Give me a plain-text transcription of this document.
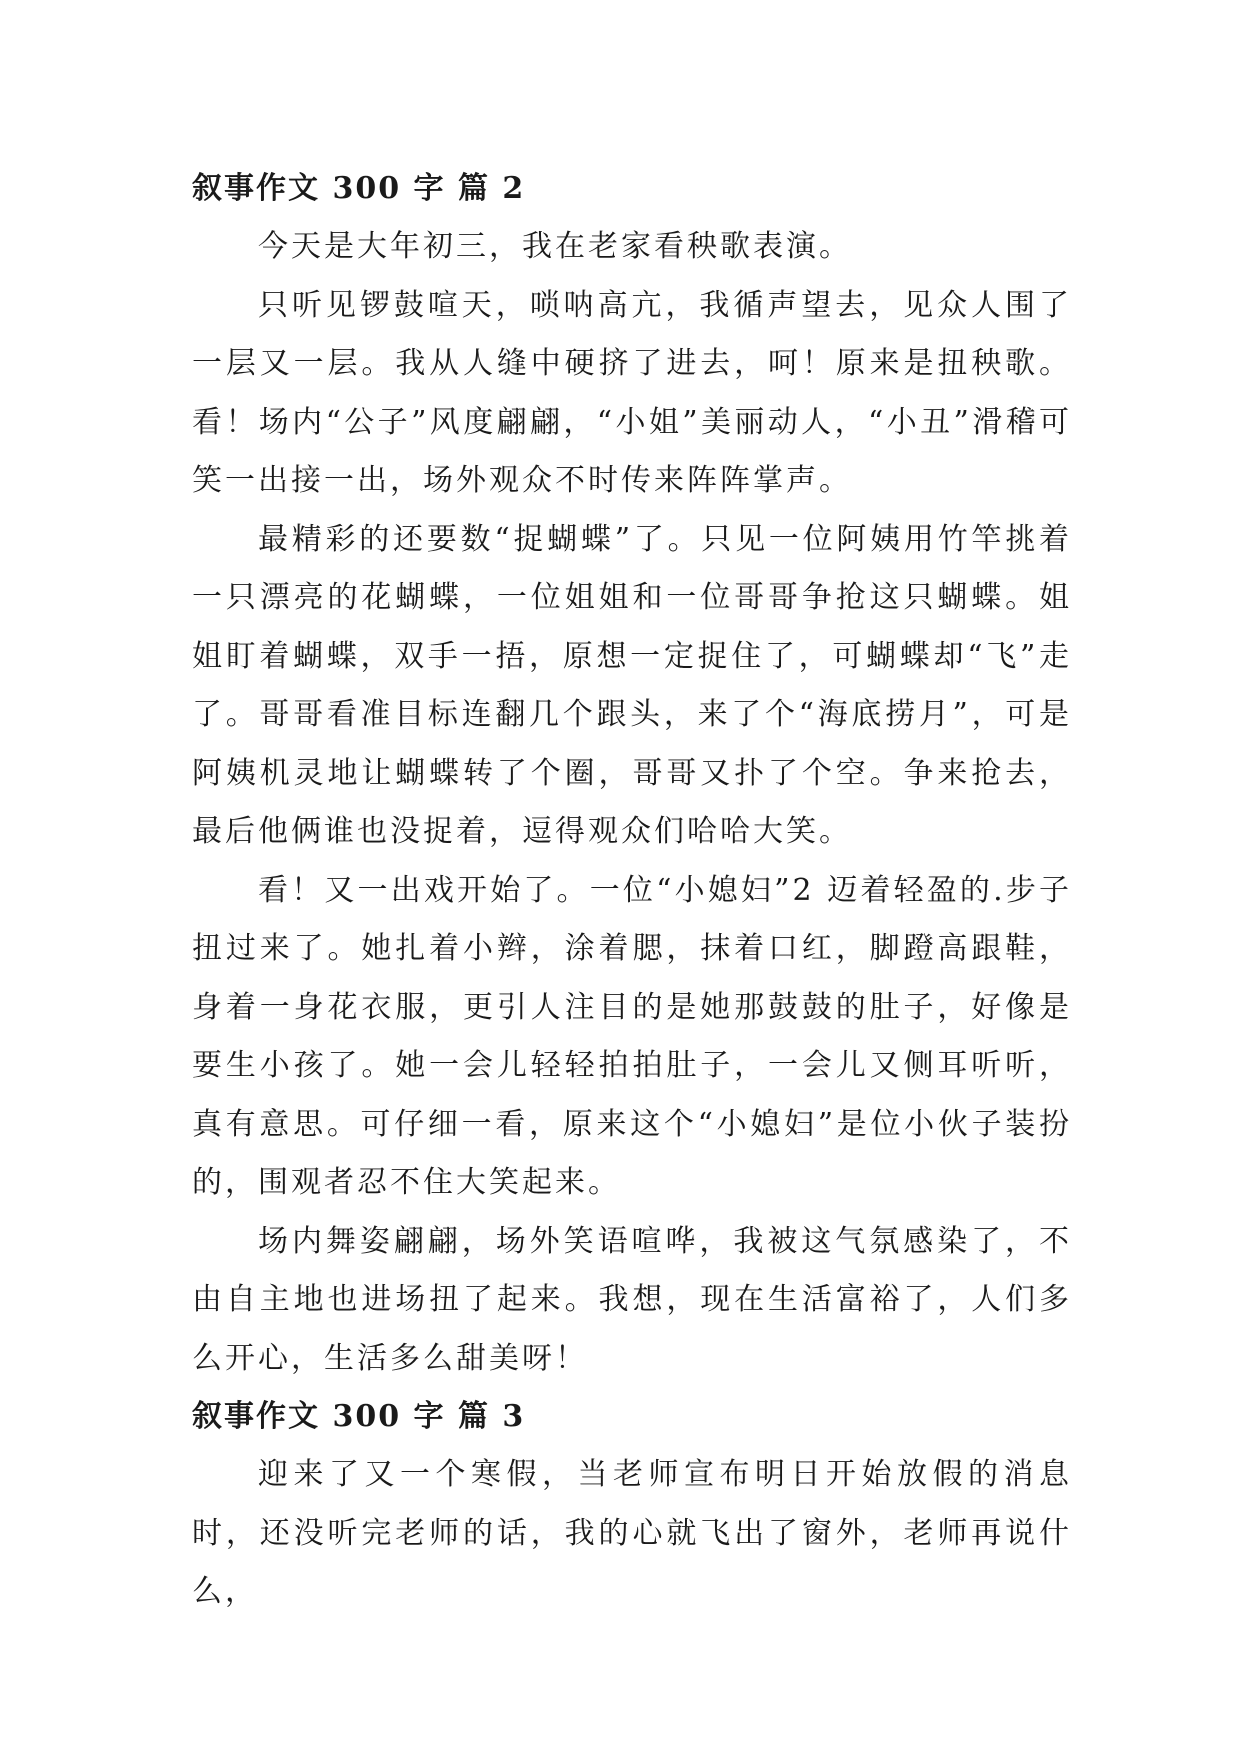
叙事作文 300 字 篇 2

今天是大年初三，我在老家看秧歌表演。

只听见锣鼓喧天，唢呐高亢，我循声望去，见众人围了一层又一层。我从人缝中硬挤了进去，呵！原来是扭秧歌。看！场内“公子”风度翩翩，“小姐”美丽动人，“小丑”滑稽可笑一出接一出，场外观众不时传来阵阵掌声。

最精彩的还要数“捉蝴蝶”了。只见一位阿姨用竹竿挑着一只漂亮的花蝴蝶，一位姐姐和一位哥哥争抢这只蝴蝶。姐姐盯着蝴蝶，双手一捂，原想一定捉住了，可蝴蝶却“飞”走了。哥哥看准目标连翻几个跟头，来了个“海底捞月”，可是阿姨机灵地让蝴蝶转了个圈，哥哥又扑了个空。争来抢去，最后他俩谁也没捉着，逗得观众们哈哈大笑。

看！又一出戏开始了。一位“小媳妇”2 迈着轻盈的.步子扭过来了。她扎着小辫，涂着腮，抹着口红，脚蹬高跟鞋，身着一身花衣服，更引人注目的是她那鼓鼓的肚子，好像是要生小孩了。她一会儿轻轻拍拍肚子，一会儿又侧耳听听，真有意思。可仔细一看，原来这个“小媳妇”是位小伙子装扮的，围观者忍不住大笑起来。

场内舞姿翩翩，场外笑语喧哗，我被这气氛感染了，不由自主地也进场扭了起来。我想，现在生活富裕了，人们多么开心，生活多么甜美呀！

叙事作文 300 字 篇 3

迎来了又一个寒假，当老师宣布明日开始放假的消息时，还没听完老师的话，我的心就飞出了窗外，老师再说什么，
